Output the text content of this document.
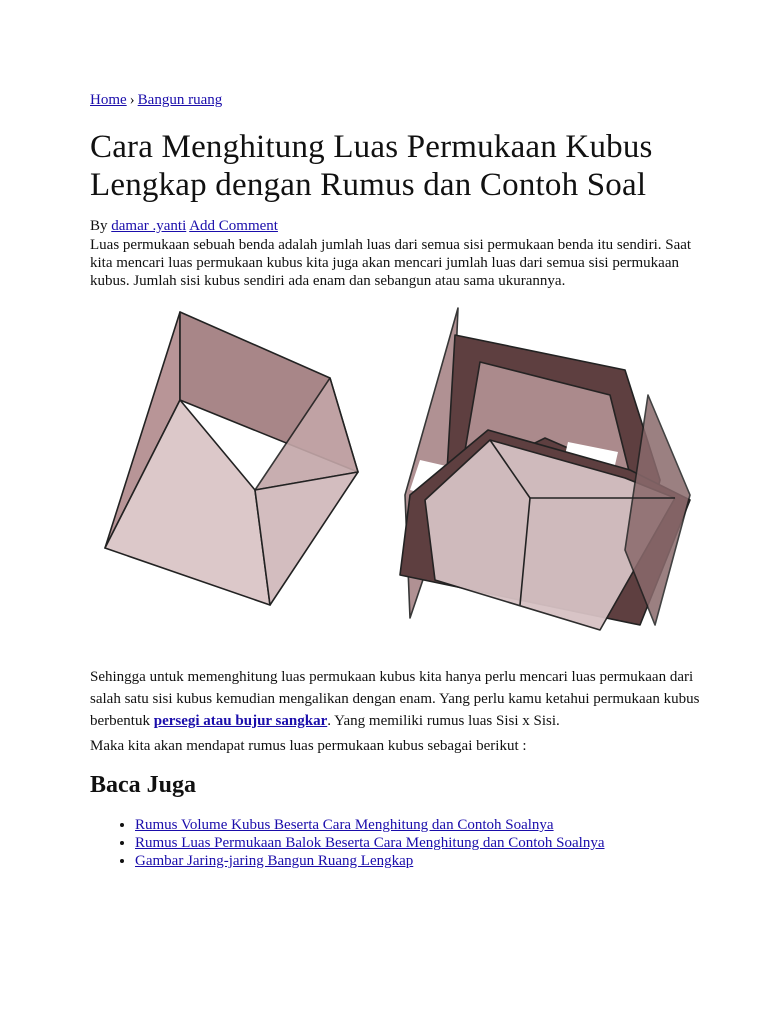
Home › Bangun ruang
Cara Menghitung Luas Permukaan Kubus Lengkap dengan Rumus dan Contoh Soal
By damar .yanti Add Comment

Luas permukaan sebuah benda adalah jumlah luas dari semua sisi permukaan benda itu sendiri. Saat kita mencari luas permukaan kubus kita juga akan mencari jumlah luas dari semua sisi permukaan kubus. Jumlah sisi kubus sendiri ada enam dan sebangun atau sama ukurannya.

Sehingga untuk memenghitung luas permukaan kubus kita hanya perlu mencari luas permukaan dari salah satu sisi kubus kemudian mengalikan dengan enam. Yang perlu kamu ketahui permukaan kubus berbentuk persegi atau bujur sangkar. Yang memiliki rumus luas Sisi x Sisi.

Maka kita akan mendapat rumus luas permukaan kubus sebagai berikut :

Baca Juga
• Rumus Volume Kubus Beserta Cara Menghitung dan Contoh Soalnya
• Rumus Luas Permukaan Balok Beserta Cara Menghitung dan Contoh Soalnya
• Gambar Jaring-jaring Bangun Ruang Lengkap
